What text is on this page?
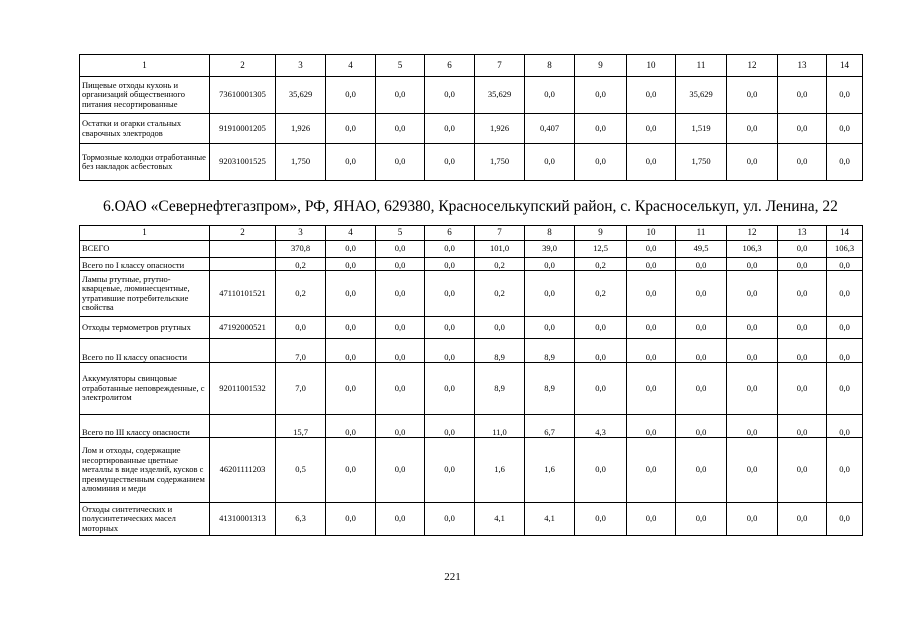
1	2	3	4	5	6	7	8	9	10	11	12	13	14
Пищевые отходы кухонь и организаций общественного питания несортированные	73610001305	35,629	0,0	0,0	0,0	35,629	0,0	0,0	0,0	35,629	0,0	0,0	0,0
Остатки и огарки стальных сварочных электродов	91910001205	1,926	0,0	0,0	0,0	1,926	0,407	0,0	0,0	1,519	0,0	0,0	0,0
Тормозные колодки отработанные без накладок асбестовых	92031001525	1,750	0,0	0,0	0,0	1,750	0,0	0,0	0,0	1,750	0,0	0,0	0,0
6.ОАО «Севернефтегазпром», РФ, ЯНАО, 629380, Красноселькупский район, с. Красноселькуп, ул. Ленина, 22
1	2	3	4	5	6	7	8	9	10	11	12	13	14
ВСЕГО		370,8	0,0	0,0	0,0	101,0	39,0	12,5	0,0	49,5	106,3	0,0	106,3
Всего по I классу опасности		0,2	0,0	0,0	0,0	0,2	0,0	0,2	0,0	0,0	0,0	0,0	0,0
Лампы ртутные, ртутно-кварцевые, люминесцентные, утратившие потребительские свойства	47110101521	0,2	0,0	0,0	0,0	0,2	0,0	0,2	0,0	0,0	0,0	0,0	0,0
Отходы термометров ртутных	47192000521	0,0	0,0	0,0	0,0	0,0	0,0	0,0	0,0	0,0	0,0	0,0	0,0
Всего по II классу опасности		7,0	0,0	0,0	0,0	8,9	8,9	0,0	0,0	0,0	0,0	0,0	0,0
Аккумуляторы свинцовые отработанные неповрежденные, с электролитом	92011001532	7,0	0,0	0,0	0,0	8,9	8,9	0,0	0,0	0,0	0,0	0,0	0,0
Всего по III классу опасности		15,7	0,0	0,0	0,0	11,0	6,7	4,3	0,0	0,0	0,0	0,0	0,0
Лом и отходы, содержащие несортированные цветные металлы в виде изделий, кусков с преимущественным содержанием алюминия и меди	46201111203	0,5	0,0	0,0	0,0	1,6	1,6	0,0	0,0	0,0	0,0	0,0	0,0
Отходы синтетических и полусинтетических масел моторных	41310001313	6,3	0,0	0,0	0,0	4,1	4,1	0,0	0,0	0,0	0,0	0,0	0,0
221
